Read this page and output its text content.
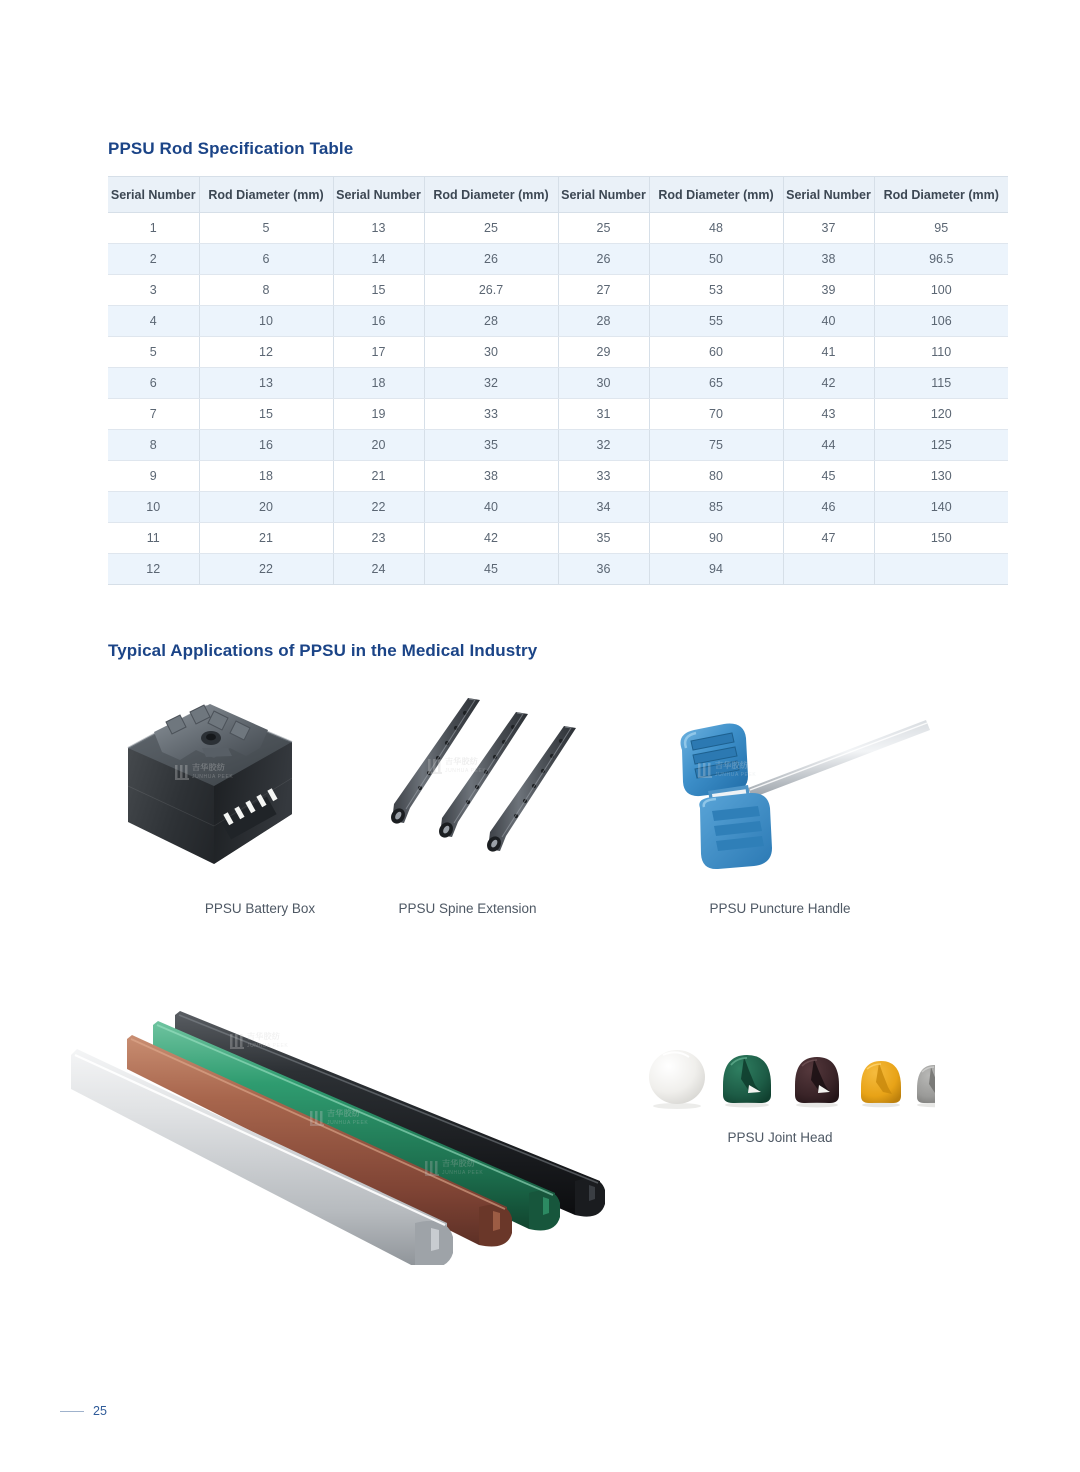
PPSU Rod Specification Table
Serial Number	Rod Diameter (mm)	Serial Number	Rod Diameter (mm)	Serial Number	Rod Diameter (mm)	Serial Number	Rod Diameter (mm)
1	5	13	25	25	48	37	95
2	6	14	26	26	50	38	96.5
3	8	15	26.7	27	53	39	100
4	10	16	28	28	55	40	106
5	12	17	30	29	60	41	110
6	13	18	32	30	65	42	115
7	15	19	33	31	70	43	120
8	16	20	35	32	75	44	125
9	18	21	38	33	80	45	130
10	20	22	40	34	85	46	140
11	21	23	42	35	90	47	150
12	22	24	45	36	94		
Typical Applications of PPSU in the Medical Industry
吉华胶纺
JUNHUA PEEK
PPSU Battery Box
吉华胶纺
JUNHUA PEEK
PPSU Spine Extension
吉华胶纺
JUNHUA PEEK
PPSU Puncture Handle
吉华胶纺
JUNHUA PEEK
吉华胶纺
JUNHUA PEEK
吉华胶纺
JUNHUA PEEK
PPSU Joint Head
25
